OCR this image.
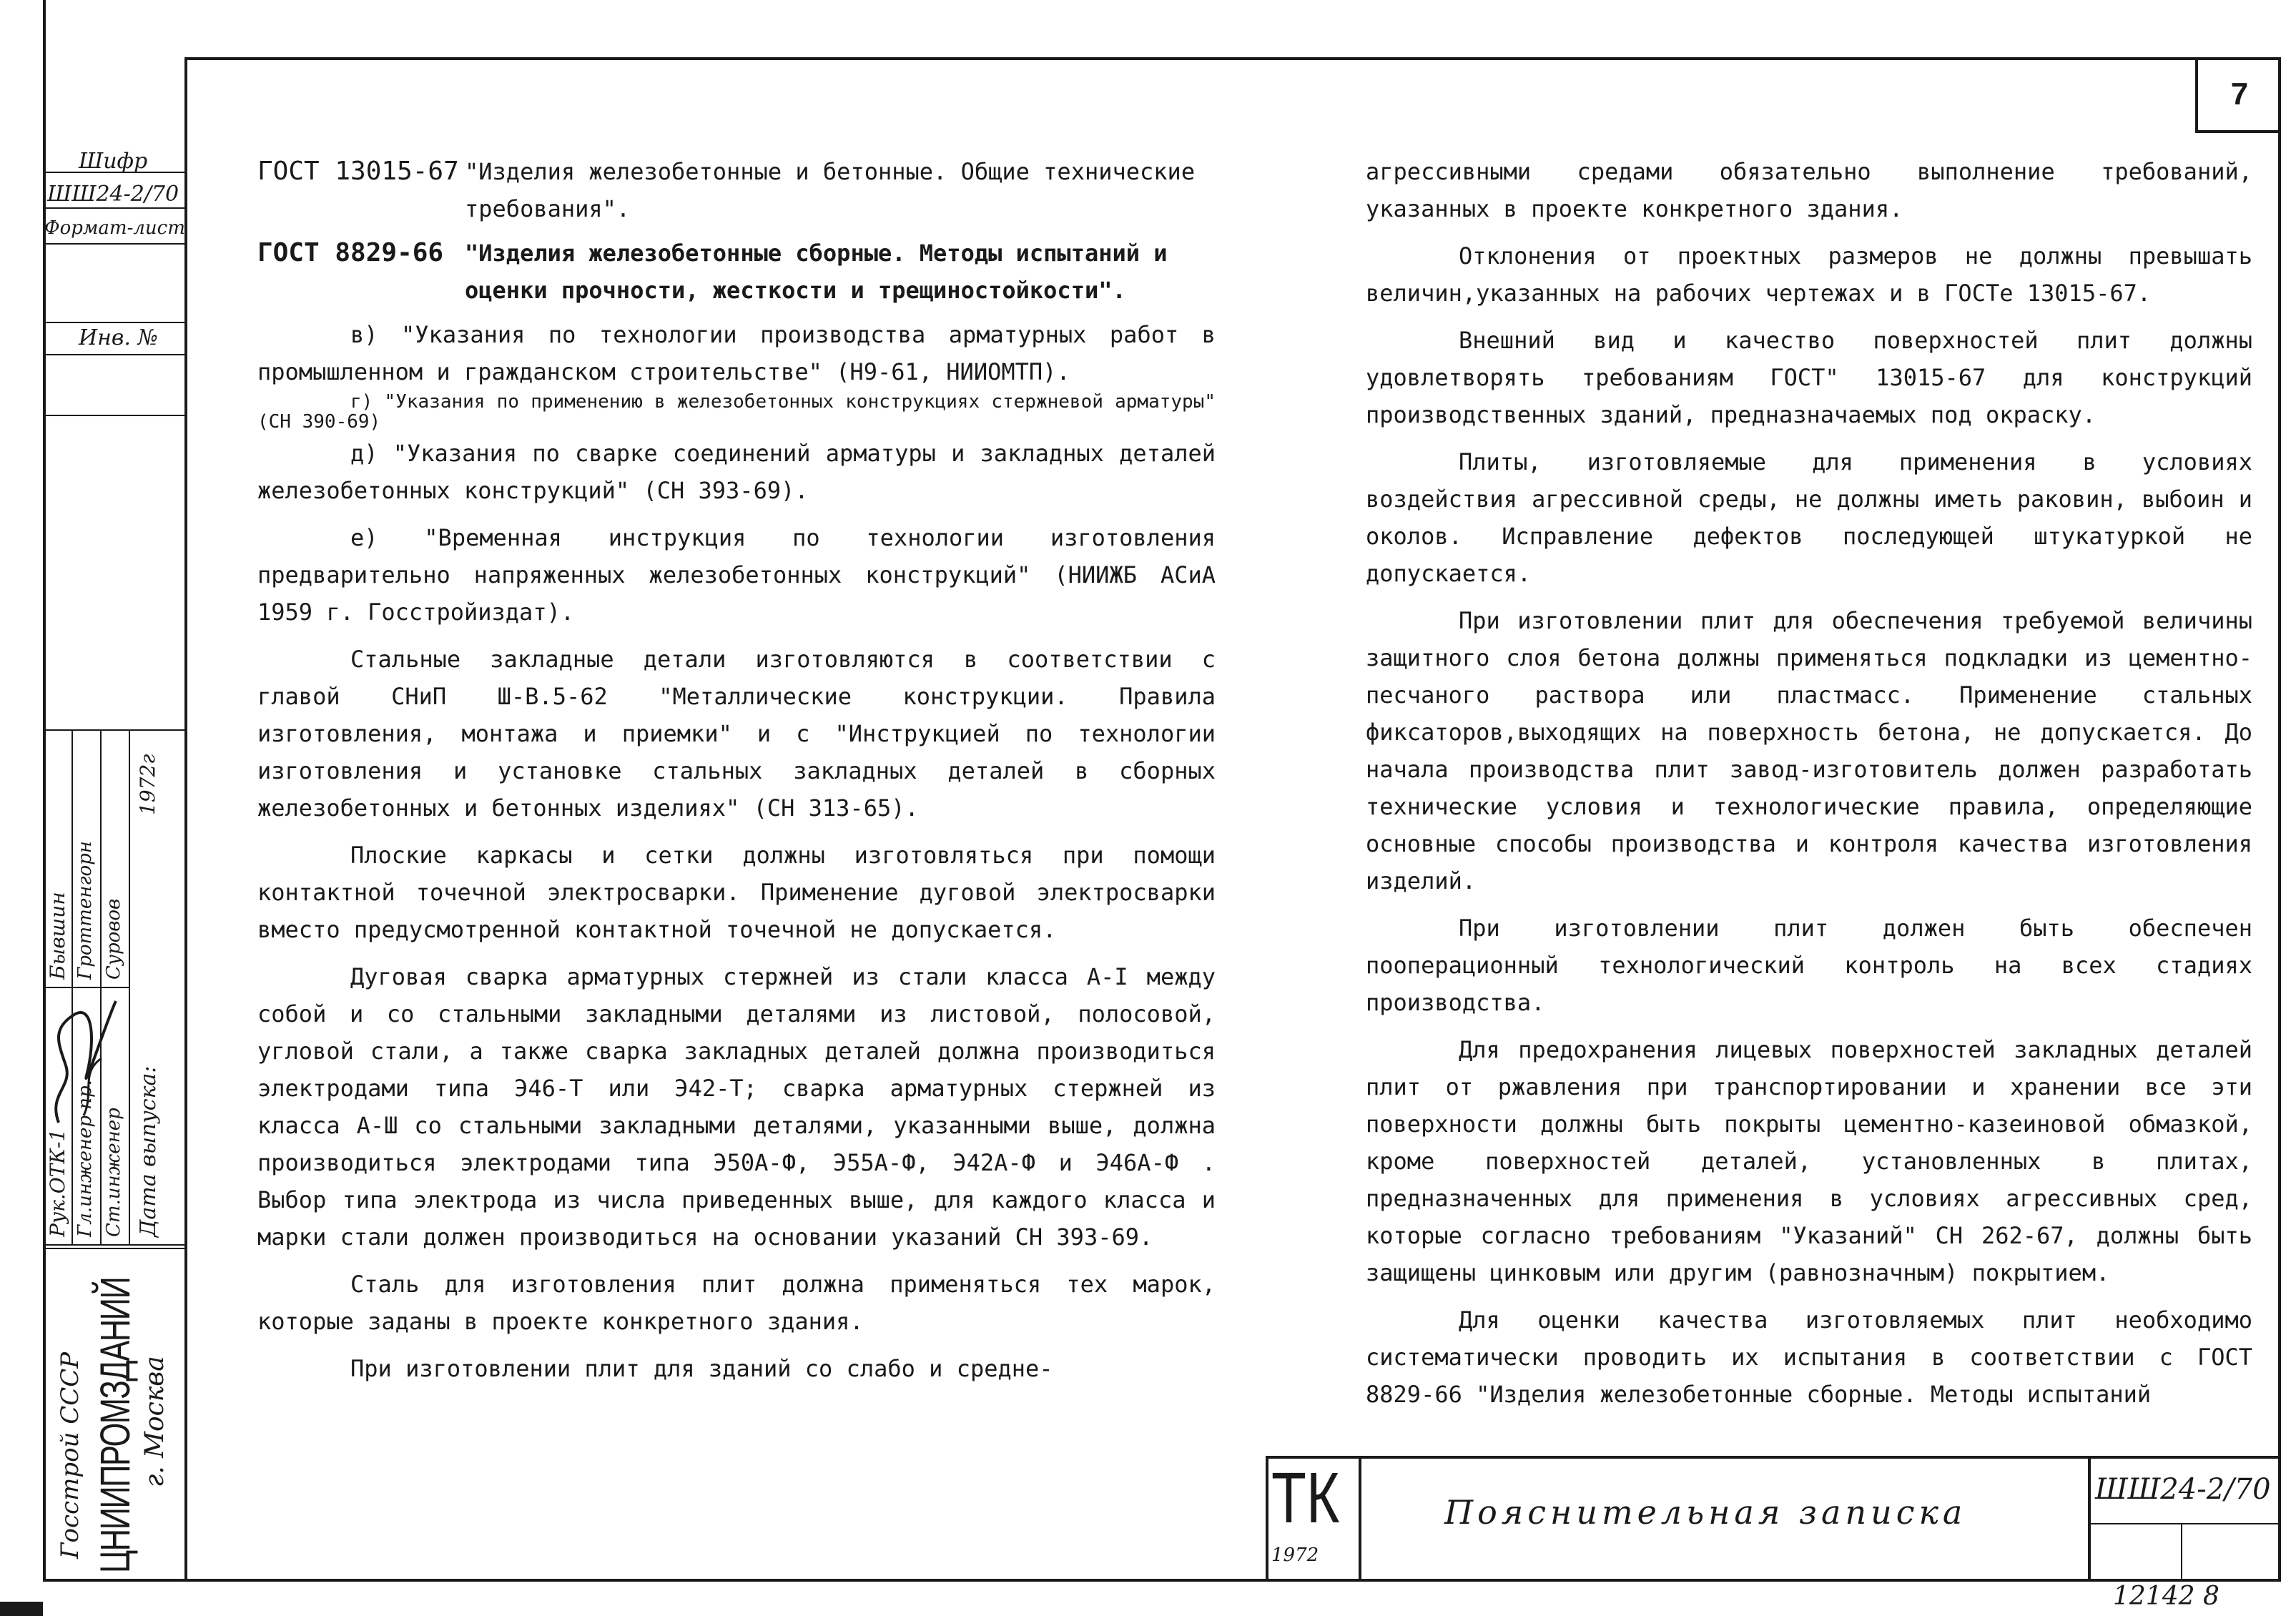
7
Шифр
ШШ24-2/70
Формат-лист
Инв. №
Рук.ОТК-1 Гл.инженер пр. Ст.инженер Дата выпуска:
Бывшин Гроттенгорн Суровов
1972г
Госстрой СССР ЦНИИПРОМЗДАНИЙ г. Москва
ГОСТ 13015-67 "Изделия железобетонные и бетонные. Общие технические требования".
ГОСТ 8829-66 "Изделия железобетонные сборные. Методы испытаний и оценки прочности, жесткости и трещиностойкости".

в) "Указания по технологии производства арматурных работ в промышленном и гражданском строительстве" (Н9-61, НИИОМТП).

г) "Указания по применению в железобетонных конструкциях стержневой арматуры" (СН 390-69)

д) "Указания по сварке соединений арматуры и закладных деталей железобетонных конструкций" (СН 393-69).

е) "Временная инструкция по технологии изготовления предварительно напряженных железобетонных конструкций" (НИИЖБ АСиА 1959 г. Госстройиздат).

Стальные закладные детали изготовляются в соответствии с главой СНиП Ш-В.5-62 "Металлические конструкции. Правила изготовления, монтажа и приемки" и с "Инструкцией по технологии изготовления и установке стальных закладных деталей в сборных железобетонных и бетонных изделиях" (СН 313-65).

Плоские каркасы и сетки должны изготовляться при помощи контактной точечной электросварки. Применение дуговой электросварки вместо предусмотренной контактной точечной не допускается.

Дуговая сварка арматурных стержней из стали класса А-I между собой и со стальными закладными деталями из листовой, полосовой, угловой стали, а также сварка закладных деталей должна производиться электродами типа Э46-Т или Э42-Т; сварка арматурных стержней из класса А-Ш со стальными закладными деталями, указанными выше, должна производиться электродами типа Э50А-Ф, Э55А-Ф, Э42А-Ф и Э46А-Ф . Выбор типа электрода из числа приведенных выше, для каждого класса и марки стали должен производиться на основании указаний СН 393-69.

Сталь для изготовления плит должна применяться тех марок, которые заданы в проекте конкретного здания.

При изготовлении плит для зданий со слабо и средне-

агрессивными средами обязательно выполнение требований, указанных в проекте конкретного здания.

Отклонения от проектных размеров не должны превышать величин,указанных на рабочих чертежах и в ГОСТе 13015-67.

Внешний вид и качество поверхностей плит должны удовлетворять требованиям ГОСТ" 13015-67 для конструкций производственных зданий, предназначаемых под окраску.

Плиты, изготовляемые для применения в условиях воздействия агрессивной среды, не должны иметь раковин, выбоин и околов. Исправление дефектов последующей штукатуркой не допускается.

При изготовлении плит для обеспечения требуемой величины защитного слоя бетона должны применяться подкладки из цементно-песчаного раствора или пластмасс. Применение стальных фиксаторов,выходящих на поверхность бетона, не допускается. До начала производства плит завод-изготовитель должен разработать технические условия и технологические правила, определяющие основные способы производства и контроля качества изготовления изделий.

При изготовлении плит должен быть обеспечен пооперационный технологический контроль на всех стадиях производства.

Для предохранения лицевых поверхностей закладных деталей плит от ржавления при транспортировании и хранении все эти поверхности должны быть покрыты цементно-казеиновой обмазкой, кроме поверхностей деталей, установленных в плитах, предназначенных для применения в условиях агрессивных сред, которые согласно требованиям "Указаний" СН 262-67, должны быть защищены цинковым или другим (равнозначным) покрытием.

Для оценки качества изготовляемых плит необходимо систематически проводить их испытания в соответствии с ГОСТ 8829-66 "Изделия железобетонные сборные. Методы испытаний

ТК
1972
Пояснительная записка
ШШ24-2/70
12142 8
